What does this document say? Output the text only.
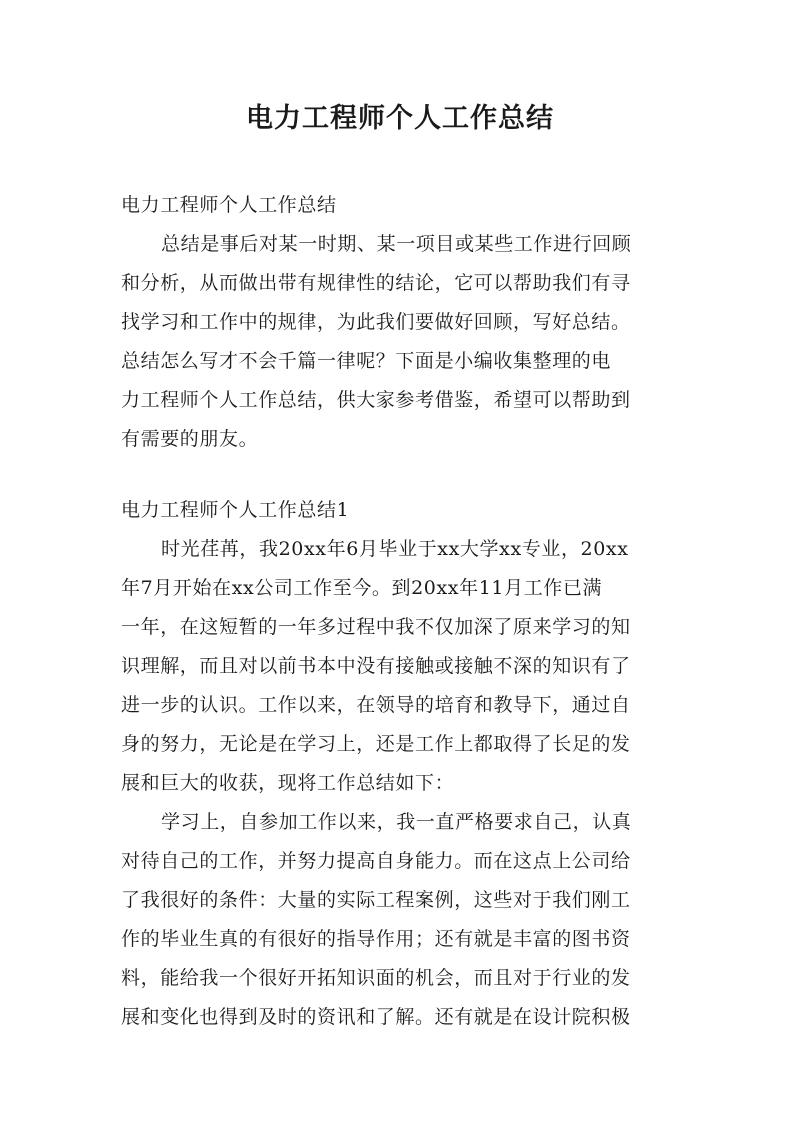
电力工程师个人工作总结
电力工程师个人工作总结
总结是事后对某一时期、某一项目或某些工作进行回顾
和分析，从而做出带有规律性的结论，它可以帮助我们有寻
找学习和工作中的规律，为此我们要做好回顾，写好总结。
总结怎么写才不会千篇一律呢？下面是小编收集整理的电
力工程师个人工作总结，供大家参考借鉴，希望可以帮助到
有需要的朋友。
电力工程师个人工作总结1
时光荏苒，我20xx年6月毕业于xx大学xx专业，20xx
年7月开始在xx公司工作至今。到20xx年11月工作已满
一年，在这短暂的一年多过程中我不仅加深了原来学习的知
识理解，而且对以前书本中没有接触或接触不深的知识有了
进一步的认识。工作以来，在领导的培育和教导下，通过自
身的努力，无论是在学习上，还是工作上都取得了长足的发
展和巨大的收获，现将工作总结如下：
学习上，自参加工作以来，我一直严格要求自己，认真
对待自己的工作，并努力提高自身能力。而在这点上公司给
了我很好的条件：大量的实际工程案例，这些对于我们刚工
作的毕业生真的有很好的指导作用；还有就是丰富的图书资
料，能给我一个很好开拓知识面的机会，而且对于行业的发
展和变化也得到及时的资讯和了解。还有就是在设计院积极
